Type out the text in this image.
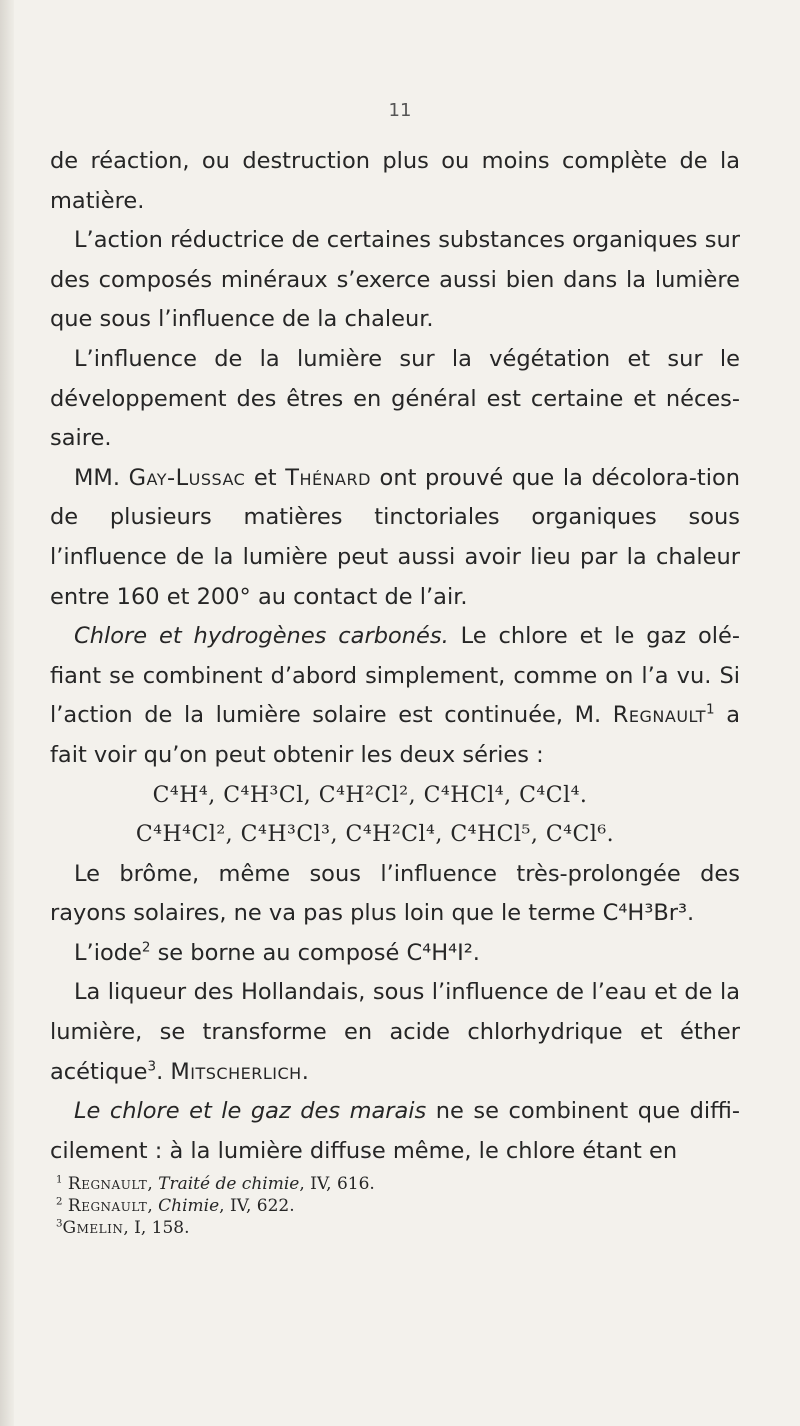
11

de réaction, ou destruction plus ou moins complète de la matière.

L’action réductrice de certaines substances organiques sur des composés minéraux s’exerce aussi bien dans la lumière que sous l’influence de la chaleur.

L’influence de la lumière sur la végétation et sur le développement des êtres en général est certaine et néces-saire.

MM. Gay-Lussac et Thénard ont prouvé que la décolora-tion de plusieurs matières tinctoriales organiques sous l’influence de la lumière peut aussi avoir lieu par la chaleur entre 160 et 200° au contact de l’air.

Chlore et hydrogènes carbonés. Le chlore et le gaz olé-fiant se combinent d’abord simplement, comme on l’a vu. Si l’action de la lumière solaire est continuée, M. Regnault$^1$ a fait voir qu’on peut obtenir les deux séries :

C⁴H⁴, C⁴H³Cl, C⁴H²Cl², C⁴HCl⁴, C⁴Cl⁴.
C⁴H⁴Cl², C⁴H³Cl³, C⁴H²Cl⁴, C⁴HCl⁵, C⁴Cl⁶.

Le brôme, même sous l’influence très-prolongée des rayons solaires, ne va pas plus loin que le terme C⁴H³Br³.

L’iode$^2$ se borne au composé C⁴H⁴I².

La liqueur des Hollandais, sous l’influence de l’eau et de la lumière, se transforme en acide chlorhydrique et éther acétique$^3$. Mitscherlich.

Le chlore et le gaz des marais ne se combinent que diffi-cilement : à la lumière diffuse même, le chlore étant en

$^1$ Regnault, Traité de chimie, IV, 616.

$^2$ Regnault, Chimie, IV, 622.

$^3$Gmelin, I, 158.
